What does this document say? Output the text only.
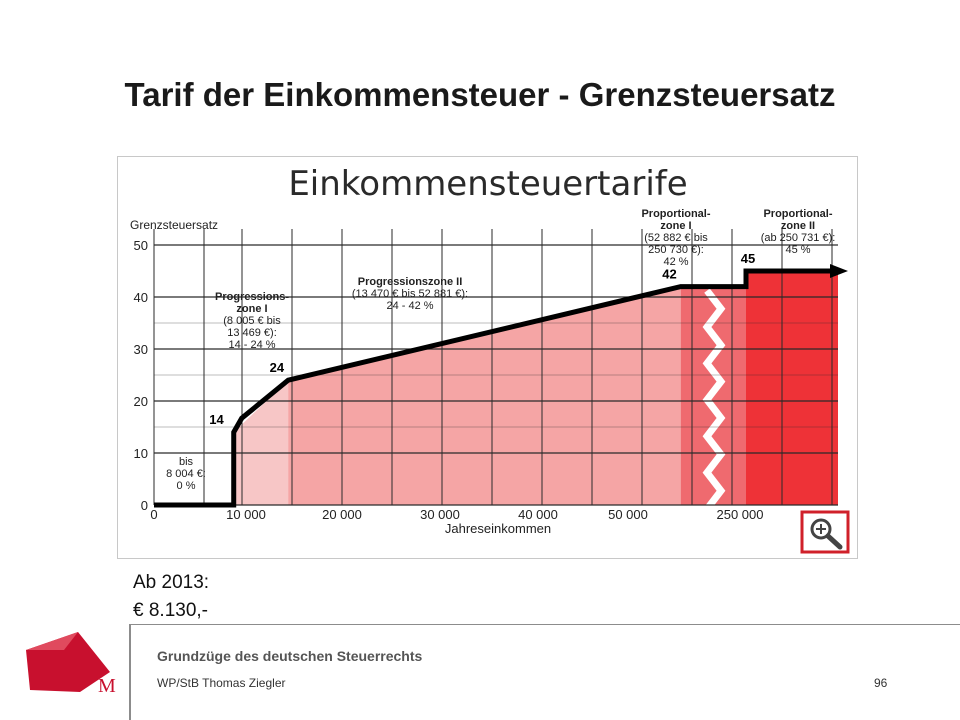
Tarif der Einkommensteuer - Grenzsteuersatz
Einkommensteuertarife
0
10
20
30
40
50
Grenzsteuersatz
0	10 000	20 000	30 000	40 000	50 000	250 000
Jahreseinkommen
14
24
42
45
bis
8 004 €:
0 %
Progressions-
zone I
(8 005 € bis
13 469 €):
14 - 24 %
Progressionszone II
(13 470 € bis 52 881 €):
24 - 42 %
Proportional-
zone I
(52 882 € bis
250 730 €):
42 %
Proportional-
zone II
(ab 250 731 €):
45 %
Ab 2013:
€ 8.130,-
M
Grundzüge des deutschen Steuerrechts
WP/StB Thomas Ziegler	96
